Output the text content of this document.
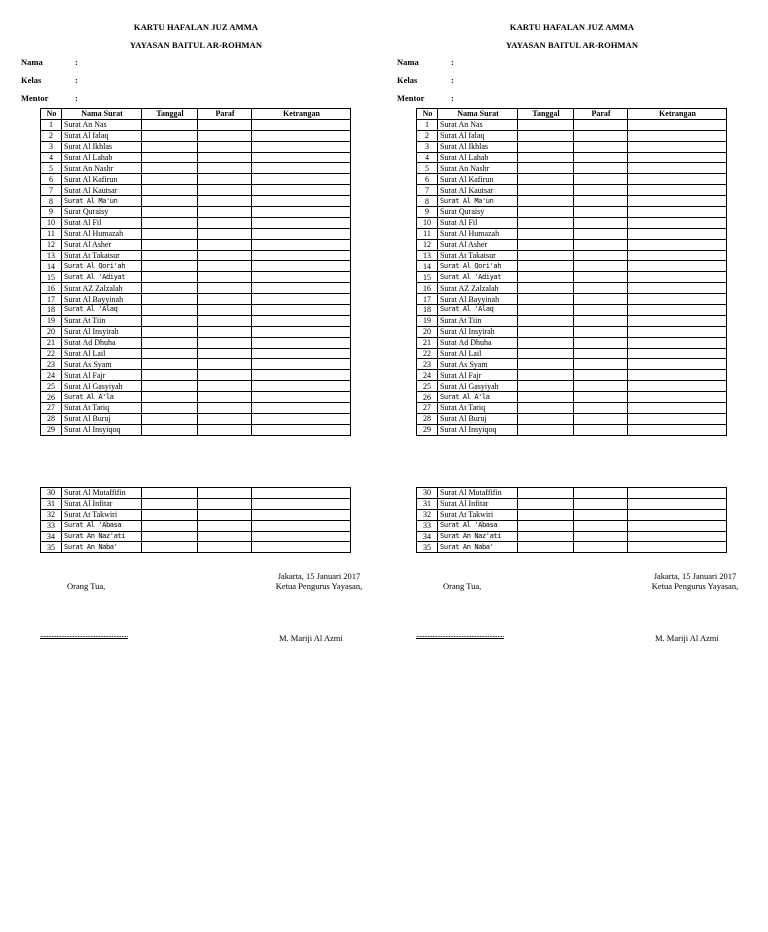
KARTU HAFALAN JUZ AMMA
YAYASAN BAITUL AR-ROHMAN
Nama	:
Kelas	:
Mentor	:
No	Nama Surat	Tanggal	Paraf	Ketrangan
1	Surat An Nas			
2	Surat Al falaq			
3	Surat Al Ikhlas			
4	Surat Al Lahab			
5	Surat An Nashr			
6	Surat Al Kafirun			
7	Surat Al Kautsar			
8	Surat Al Ma'un			
9	Surat Quraisy			
10	Surat Al Fil			
11	Surat Al Humazah			
12	Surat Al Asher			
13	Surat At Takatsur			
14	Surat Al Qori'ah			
15	Surat Al 'Adiyat			
16	Surat AZ Zalzalah			
17	Surat Al Bayyinah			
18	Surat Al 'Alaq			
19	Surat At Tiin			
20	Surat Al Insyirah			
21	Surat Ad Dhuha			
22	Surat Al Lail			
23	Surat As Syam			
24	Surat Al Fajr			
25	Surat Al Gasyiyah			
26	Surat Al A'la			
27	Surat At Tariq			
28	Surat Al Buruj			
29	Surat Al Insyiqoq			
30	Surat Al Mutaffifin			
31	Surat Al Infitar			
32	Surat At Takwiri			
33	Surat Al 'Abasa			
34	Surat An Naz'ati			
35	Surat An Naba'			
Jakarta, 15 Januari 2017
Orang Tua,	Ketua Pengurus Yayasan,
......................................................	M. Mariji Al Azmi
KARTU HAFALAN JUZ AMMA
YAYASAN BAITUL AR-ROHMAN
Nama	:
Kelas	:
Mentor	:
No	Nama Surat	Tanggal	Paraf	Ketrangan
1	Surat An Nas			
2	Surat Al falaq			
3	Surat Al Ikhlas			
4	Surat Al Lahab			
5	Surat An Nashr			
6	Surat Al Kafirun			
7	Surat Al Kautsar			
8	Surat Al Ma'un			
9	Surat Quraisy			
10	Surat Al Fil			
11	Surat Al Humazah			
12	Surat Al Asher			
13	Surat At Takatsur			
14	Surat Al Qori'ah			
15	Surat Al 'Adiyat			
16	Surat AZ Zalzalah			
17	Surat Al Bayyinah			
18	Surat Al 'Alaq			
19	Surat At Tiin			
20	Surat Al Insyirah			
21	Surat Ad Dhuha			
22	Surat Al Lail			
23	Surat As Syam			
24	Surat Al Fajr			
25	Surat Al Gasyiyah			
26	Surat Al A'la			
27	Surat At Tariq			
28	Surat Al Buruj			
29	Surat Al Insyiqoq			
30	Surat Al Mutaffifin			
31	Surat Al Infitar			
32	Surat At Takwiri			
33	Surat Al 'Abasa			
34	Surat An Naz'ati			
35	Surat An Naba'			
Jakarta, 15 Januari 2017
Orang Tua,	Ketua Pengurus Yayasan,
......................................................	M. Mariji Al Azmi
